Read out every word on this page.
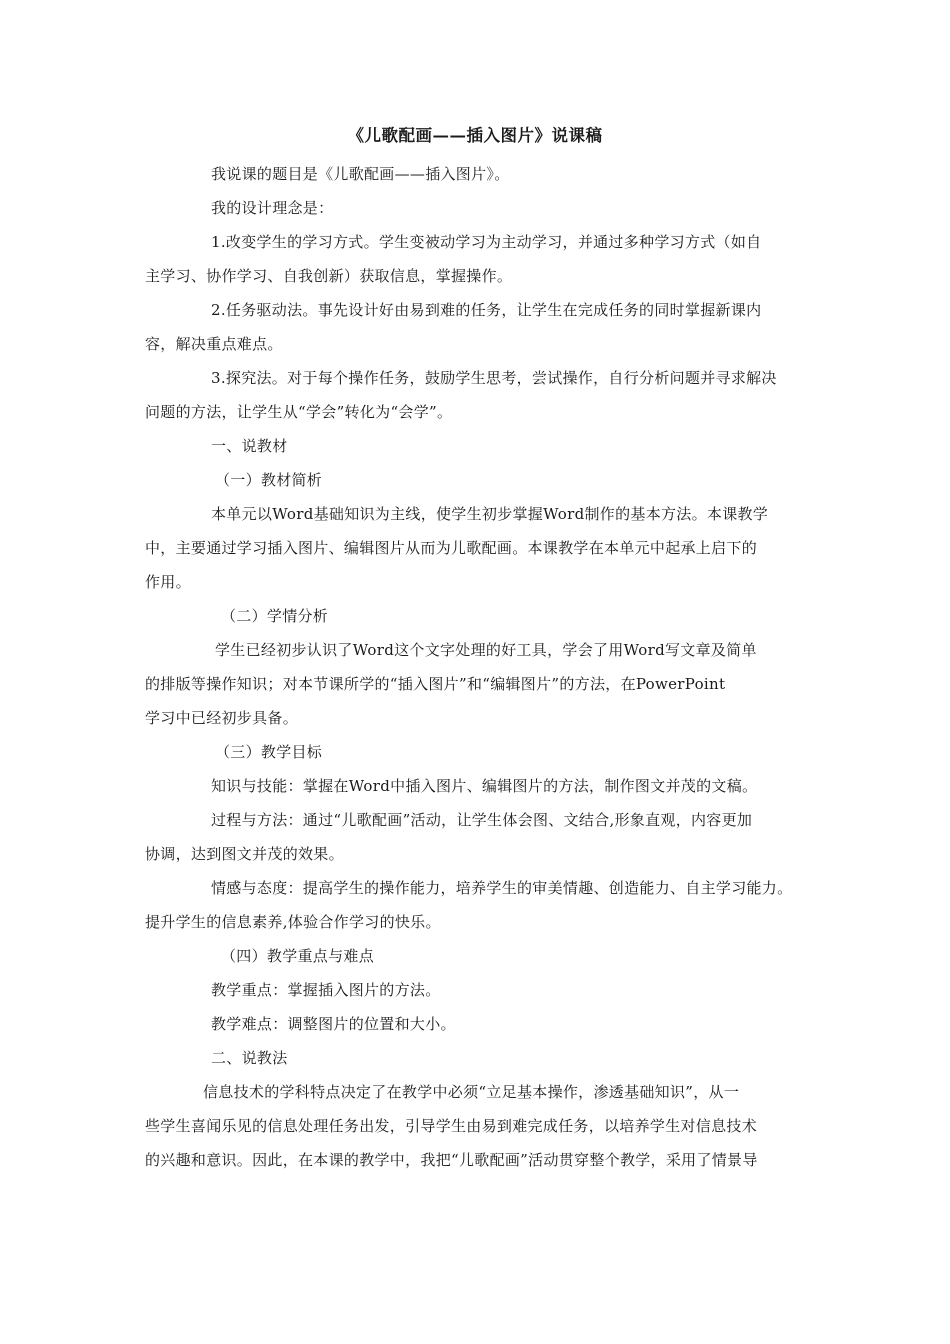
《儿歌配画——插入图片》说课稿

我说课的题目是《儿歌配画——插入图片》。

我的设计理念是：

1.改变学生的学习方式。学生变被动学习为主动学习，并通过多种学习方式（如自

主学习、协作学习、自我创新）获取信息，掌握操作。

2.任务驱动法。事先设计好由易到难的任务，让学生在完成任务的同时掌握新课内

容，解决重点难点。

3.探究法。对于每个操作任务，鼓励学生思考，尝试操作，自行分析问题并寻求解决

问题的方法，让学生从“学会”转化为“会学”。

一、说教材

（一）教材简析

本单元以Word基础知识为主线，使学生初步掌握Word制作的基本方法。本课教学

中，主要通过学习插入图片、编辑图片从而为儿歌配画。本课教学在本单元中起承上启下的

作用。

（二）学情分析

学生已经初步认识了Word这个文字处理的好工具，学会了用Word写文章及简单

的排版等操作知识；对本节课所学的“插入图片”和“编辑图片”的方法，在PowerPoint

学习中已经初步具备。

（三）教学目标

知识与技能：掌握在Word中插入图片、编辑图片的方法，制作图文并茂的文稿。

过程与方法：通过“儿歌配画”活动，让学生体会图、文结合,形象直观，内容更加

协调，达到图文并茂的效果。

情感与态度：提高学生的操作能力，培养学生的审美情趣、创造能力、自主学习能力。

提升学生的信息素养,体验合作学习的快乐。

（四）教学重点与难点

教学重点：掌握插入图片的方法。

教学难点：调整图片的位置和大小。

二、说教法

信息技术的学科特点决定了在教学中必须“立足基本操作，渗透基础知识”，从一

些学生喜闻乐见的信息处理任务出发，引导学生由易到难完成任务，以培养学生对信息技术

的兴趣和意识。因此，在本课的教学中，我把“儿歌配画”活动贯穿整个教学，采用了情景导
